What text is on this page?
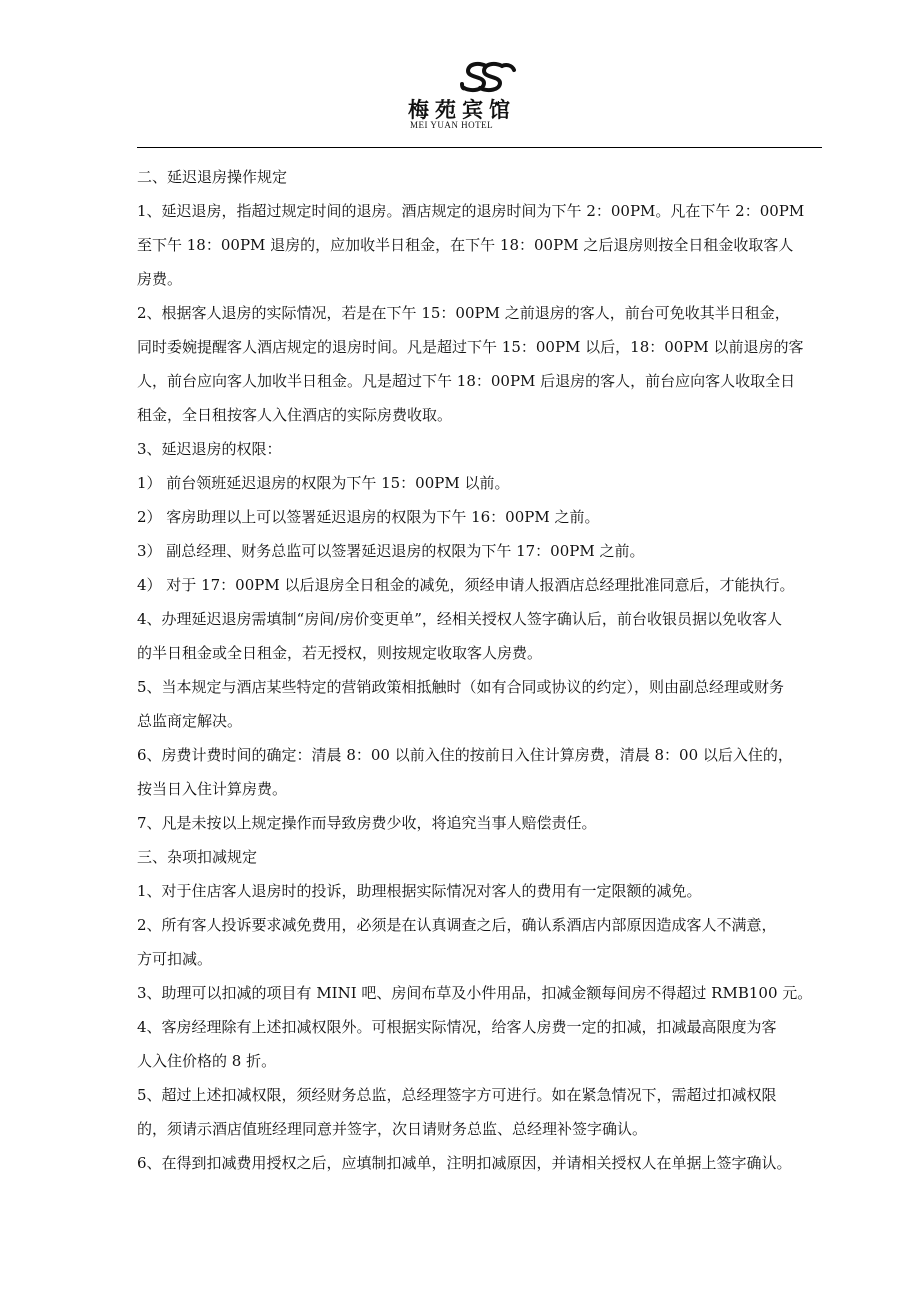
梅苑宾馆
MEI YUAN HOTEL
二、延迟退房操作规定
1、延迟退房，指超过规定时间的退房。酒店规定的退房时间为下午 2：00PM。凡在下午 2：00PM
至下午 18：00PM 退房的，应加收半日租金，在下午 18：00PM 之后退房则按全日租金收取客人
房费。
2、根据客人退房的实际情况，若是在下午 15：00PM 之前退房的客人，前台可免收其半日租金，
同时委婉提醒客人酒店规定的退房时间。凡是超过下午 15：00PM 以后，18：00PM 以前退房的客
人，前台应向客人加收半日租金。凡是超过下午 18：00PM 后退房的客人，前台应向客人收取全日
租金，全日租按客人入住酒店的实际房费收取。
3、延迟退房的权限：
1） 前台领班延迟退房的权限为下午 15：00PM 以前。
2） 客房助理以上可以签署延迟退房的权限为下午 16：00PM 之前。
3） 副总经理、财务总监可以签署延迟退房的权限为下午 17：00PM 之前。
4） 对于 17：00PM 以后退房全日租金的减免，须经申请人报酒店总经理批准同意后，才能执行。
4、办理延迟退房需填制“房间/房价变更单”，经相关授权人签字确认后，前台收银员据以免收客人
的半日租金或全日租金，若无授权，则按规定收取客人房费。
5、当本规定与酒店某些特定的营销政策相抵触时（如有合同或协议的约定），则由副总经理或财务
总监商定解决。
6、房费计费时间的确定：清晨 8：00 以前入住的按前日入住计算房费，清晨 8：00 以后入住的，
按当日入住计算房费。
7、凡是未按以上规定操作而导致房费少收，将追究当事人赔偿责任。
三、杂项扣减规定
1、对于住店客人退房时的投诉，助理根据实际情况对客人的费用有一定限额的减免。
2、所有客人投诉要求减免费用，必须是在认真调查之后，确认系酒店内部原因造成客人不满意，
方可扣减。
3、助理可以扣减的项目有 MINI 吧、房间布草及小件用品，扣减金额每间房不得超过 RMB100 元。
4、客房经理除有上述扣减权限外。可根据实际情况，给客人房费一定的扣减，扣减最高限度为客
人入住价格的 8 折。
5、超过上述扣减权限，须经财务总监，总经理签字方可进行。如在紧急情况下，需超过扣减权限
的，须请示酒店值班经理同意并签字，次日请财务总监、总经理补签字确认。
6、在得到扣减费用授权之后，应填制扣减单，注明扣减原因，并请相关授权人在单据上签字确认。
